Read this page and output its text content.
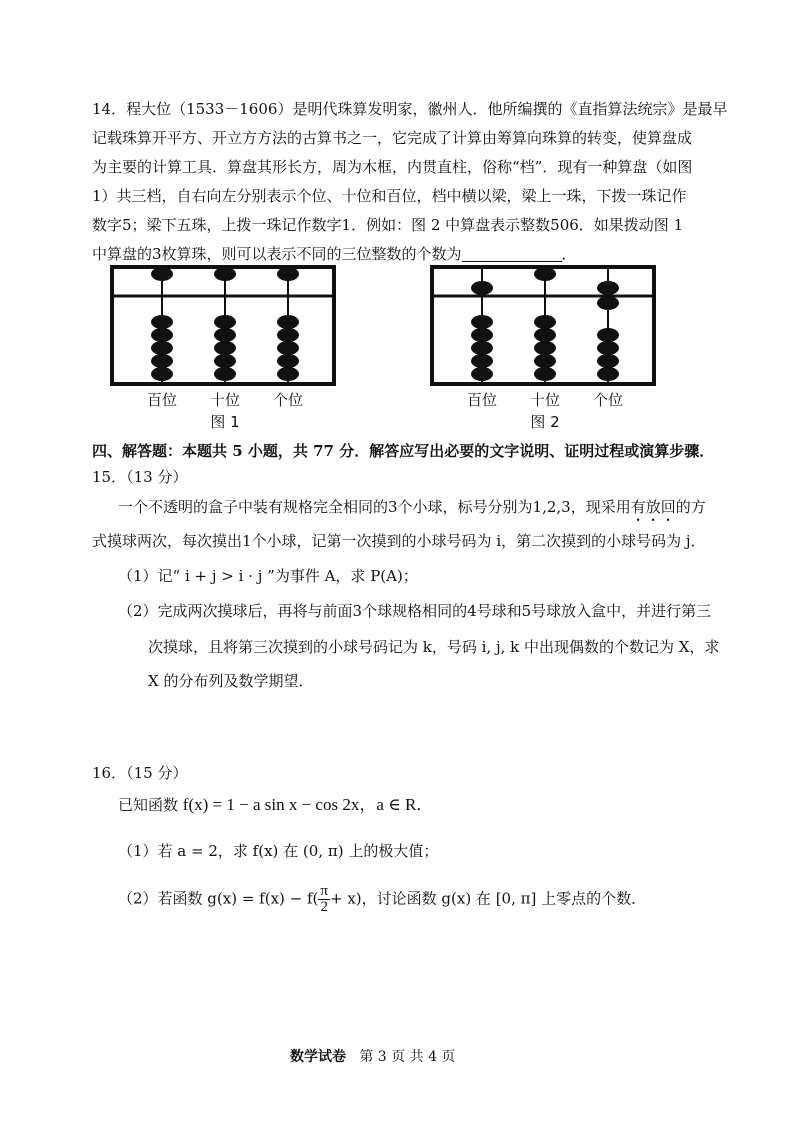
14．程大位（1533－1606）是明代珠算发明家，徽州人．他所编撰的《直指算法统宗》是最早
记载珠算开平方、开立方方法的古算书之一，它完成了计算由筹算向珠算的转变，使算盘成
为主要的计算工具．算盘其形长方，周为木框，内贯直柱，俗称“档”．现有一种算盘（如图
1）共三档，自右向左分别表示个位、十位和百位，档中横以梁，梁上一珠，下拨一珠记作
数字5；梁下五珠，上拨一珠记作数字1．例如：图 2 中算盘表示整数506．如果拨动图 1
中算盘的3枚算珠，则可以表示不同的三位整数的个数为	．
百位 十位 个位
图 1
百位 十位 个位
图 2
四、解答题：本题共 5 小题，共 77 分．解答应写出必要的文字说明、证明过程或演算步骤．
15．（13 分）
一个不透明的盒子中装有规格完全相同的3个小球，标号分别为1,2,3，现采用有放回的方
式摸球两次，每次摸出1个小球，记第一次摸到的小球号码为 i，第二次摸到的小球号码为 j．
（1）记“ i + j > i · j ”为事件 A，求 P(A)；
（2）完成两次摸球后，再将与前面3个球规格相同的4号球和5号球放入盒中，并进行第三
次摸球，且将第三次摸到的小球号码记为 k，号码 i, j, k 中出现偶数的个数记为 X，求
X 的分布列及数学期望．
16．（15 分）
已知函数 f(x) = 1 − a sin x − cos 2x，a ∈ R．
（1）若 a = 2，求 f(x) 在 (0, π) 上的极大值；
（2）若函数 $g(x) = f(x) - f( \frac{\pi}{2} + x)$，讨论函数 g(x) 在 [0, π] 上零点的个数．
数学试卷 第 3 页 共 4 页
